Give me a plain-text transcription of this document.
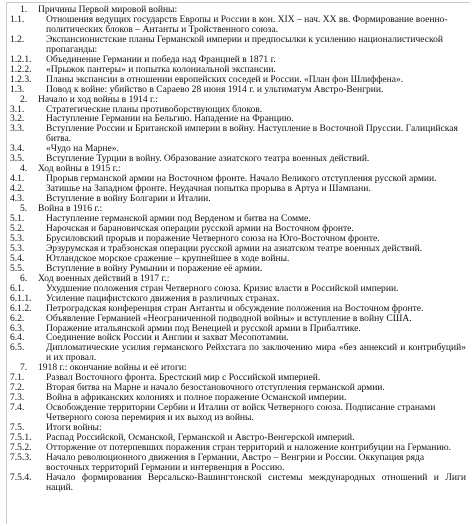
1.	Причины Первой мировой войны:
1.1.	Отношения ведущих государств Европы и России в кон. XIX – нач. XX вв. Формирование военно-политических блоков – Антанты и Тройственного союза.
1.2.	Экспансионистские планы Германской империи и предпосылки к усилению националистической пропаганды:
1.2.1.	Объединение Германии и победа над Францией в 1871 г.
1.2.2.	«Прыжок пантеры» и попытка колониальной экспансии.
1.2.3.	Планы экспансии в отношении европейских соседей и России. «План фон Шлиффена».
1.3.	Повод к войне: убийство в Сараево 28 июня 1914 г. и ультиматум Австро-Венгрии.
2.	Начало и ход войны в 1914 г.:
3.1.	Стратегические планы противоборствующих блоков.
3.2.	Наступление Германии на Бельгию. Нападение на Францию.
3.3.	Вступление России и Британской империи в войну. Наступление в Восточной Пруссии. Галицийская битва.
3.4.	«Чудо на Марне».
3.5.	Вступление Турции в войну. Образование азиатского театра военных действий.
4.	Ход войны в 1915 г.:
4.1.	Прорыв германской армии на Восточном фронте. Начало Великого отступления русской армии.
4.2.	Затишье на Западном фронте. Неудачная попытка прорыва в Артуа и Шампани.
4.3.	Вступление в войну Болгарии и Италии.
5.	Война в 1916 г.:
5.1.	Наступление германской армии под Верденом и битва на Сомме.
5.2.	Нарочская и барановичская операции русской армии на Восточном фронте.
5.3.	Брусиловский прорыв и поражение Четверного союза на Юго-Восточном фронте.
5.3.	Эрзурумская и трабзонская операции русской армии на азиатском театре военных действий.
5.4.	Ютландское морское сражение – крупнейшее в ходе войны.
5.5.	Вступление в войну Румынии и поражение её армии.
6.	Ход военных действий в 1917 г.:
6.1.	Ухудшение положения стран Четверного союза. Кризис власти в Российской империи.
6.1.1.	Усиление пацифистского движения в различных странах.
6.1.2.	Петроградская конференция стран Антанты и обсуждение положения на Восточном фронте.
6.2.	Объявление Германией «Неограниченной подводной войны» и вступление в войну США.
6.3.	Поражение итальянской армии под Венецией и русской армии в Прибалтике.
6.4.	Соединение войск России и Англии и захват Месопотамии.
6.5.	Дипломатические усилия германского Рейхстага по заключению мира «без аннексий и контрибуций» и их провал.
7.	1918 г.: окончание войны и её итоги:
7.1.	Развал Восточного фронта. Брестский мир с Российской империей.
7.2.	Вторая битва на Марне и начало безостановочного отступления германской армии.
7.3.	Война в африканских колониях и полное поражение Османской империи.
7.4.	Освобождение территории Сербии и Италии от войск Четверного союза. Подписание странами Четверного союза перемирия и их выход из войны.
7.5.	Итоги войны:
7.5.1.	Распад Российской, Османской, Германской и Австро-Венгерской империй.
7.5.2.	Отторжение от потерпевших поражения стран территорий и наложение контрибуции на Германию.
7.5.3.	Начало революционного движения в Германии, Австро – Венгрии и России. Оккупация ряда восточных территорий Германии и интервенция в Россию.
7.5.4.	Начало формирования Версальско-Вашингтонской системы международных отношений и Лиги наций.
